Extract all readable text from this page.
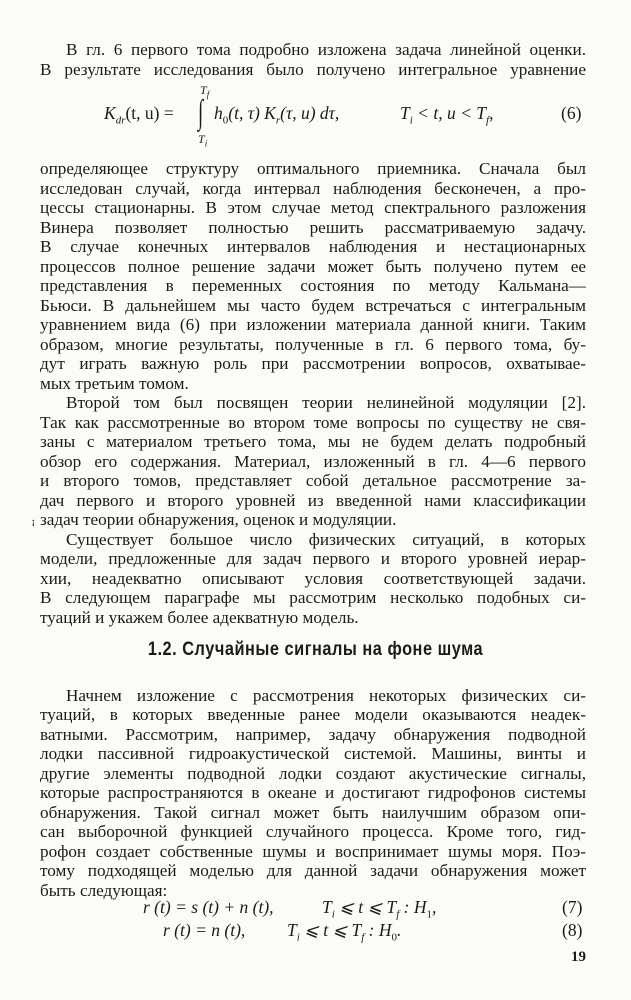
В гл. 6 первого тома подробно изложена задача линейной оценки.
В результате исследования было получено интегральное уравнение
$K_{dr}(t$, u) =
$T_f$
∫
$T_i$
$h_0(t$, τ) $K_r(\tau$, u) dτ,	$T_i < t$, $u < T_f$,	(6)
определяющее структуру оптимального приемника. Сначала был
исследован случай, когда интервал наблюдения бесконечен, а про-
цессы стационарны. В этом случае метод спектрального разложения
Винера позволяет полностью решить рассматриваемую задачу.
В случае конечных интервалов наблюдения и нестационарных
процессов полное решение задачи может быть получено путем ее
представления в переменных состояния по методу Кальмана—
Бьюси. В дальнейшем мы часто будем встречаться с интегральным
уравнением вида (6) при изложении материала данной книги. Таким
образом, многие результаты, полученные в гл. 6 первого тома, бу-
дут играть важную роль при рассмотрении вопросов, охватывае-
мых третьим томом.
Второй том был посвящен теории нелинейной модуляции [2].
Так как рассмотренные во втором томе вопросы по существу не свя-
заны с материалом третьего тома, мы не будем делать подробный
обзор его содержания. Материал, изложенный в гл. 4—6 первого
и второго томов, представляет собой детальное рассмотрение за-
дач первого и второго уровней из введенной нами классификации
задач теории обнаружения, оценок и модуляции.
ꜟ
Существует большое число физических ситуаций, в которых
модели, предложенные для задач первого и второго уровней иерар-
хии, неадекватно описывают условия соответствующей задачи.
В следующем параграфе мы рассмотрим несколько подобных си-
туаций и укажем более адекватную модель.
1.2. Случайные сигналы на фоне шума
Начнем изложение с рассмотрения некоторых физических си-
туаций, в которых введенные ранее модели оказываются неадек-
ватными. Рассмотрим, например, задачу обнаружения подводной
лодки пассивной гидроакустической системой. Машины, винты и
другие элементы подводной лодки создают акустические сигналы,
которые распространяются в океане и достигают гидрофонов системы
обнаружения. Такой сигнал может быть наилучшим образом опи-
сан выборочной функцией случайного процесса. Кроме того, гид-
рофон создает собственные шумы и воспринимает шумы моря. Поэ-
тому подходящей моделью для данной задачи обнаружения может
быть следующая:
r (t) = s (t) + n (t),	$T_i$ ⩽ t ⩽ $T_f$ : $H_1$,	(7)
r (t) = n (t), $T_i$ ⩽ t ⩽ $T_f$ : $H_0$.	(8)
19
